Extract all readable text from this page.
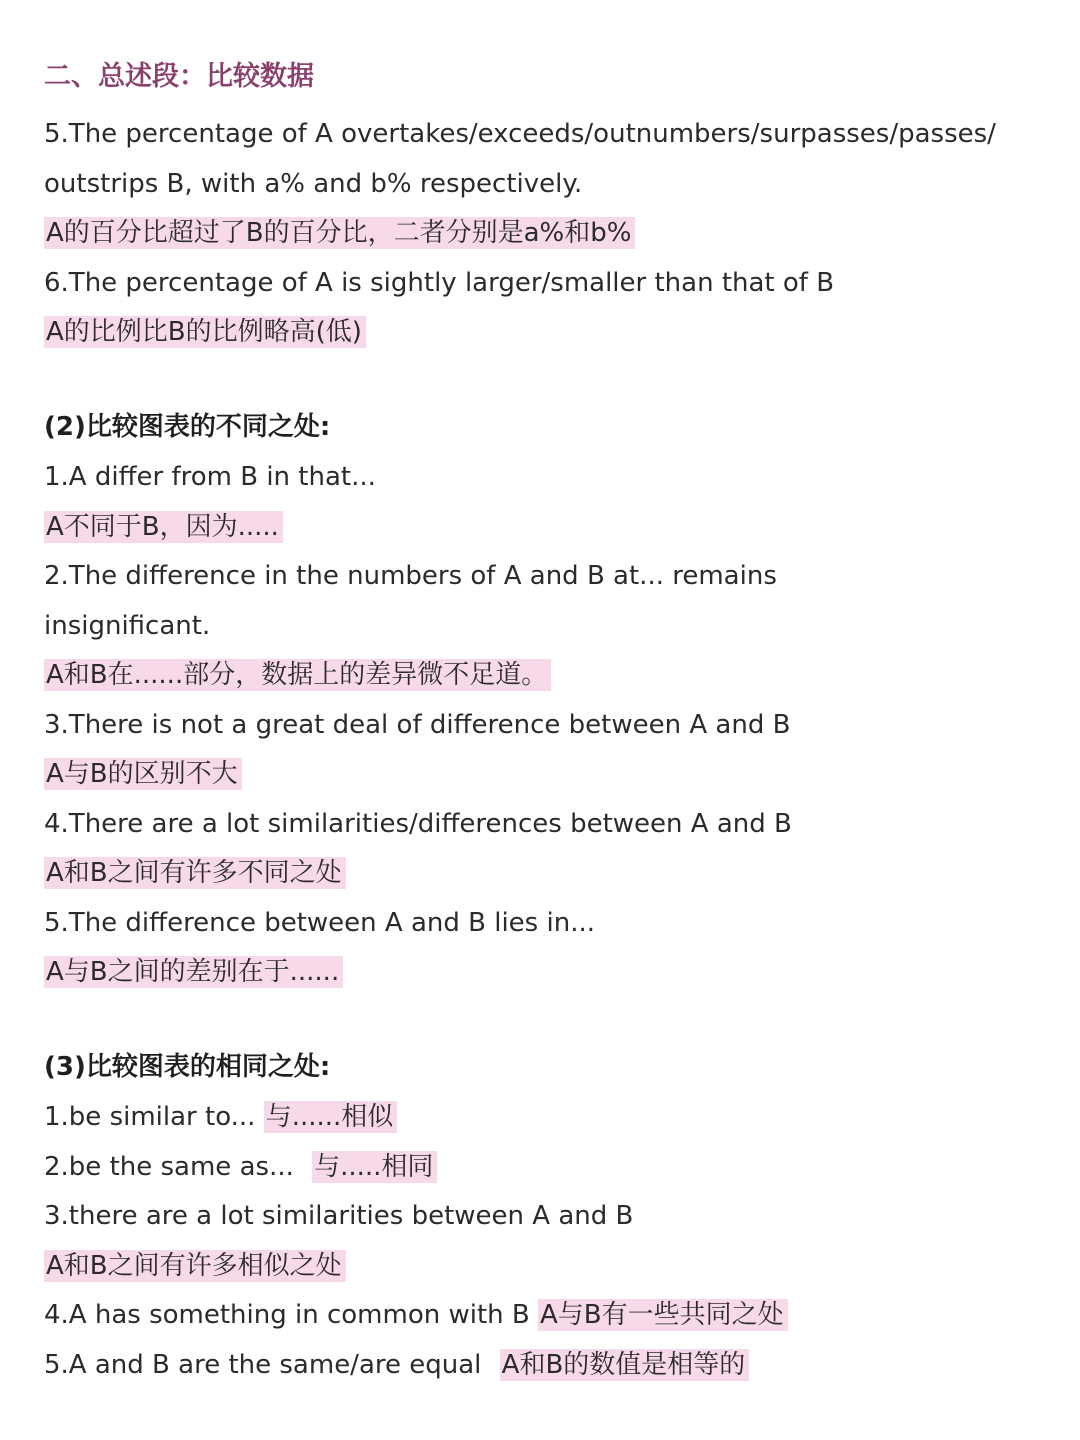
二、总述段：比较数据
5.The percentage of A overtakes/exceeds/outnumbers/surpasses/passes/
outstrips B, with a% and b% respectively.
A的百分比超过了B的百分比，二者分别是a%和b%
6.The percentage of A is sightly larger/smaller than that of B
A的比例比B的比例略高(低)
(2)比较图表的不同之处:
1.A differ from B in that...
A不同于B，因为.....
2.The difference in the numbers of A and B at... remains
insignificant.
A和B在......部分，数据上的差异微不足道。
3.There is not a great deal of difference between A and B
A与B的区别不大
4.There are a lot similarities/differences between A and B
A和B之间有许多不同之处
5.The difference between A and B lies in...
A与B之间的差别在于......
(3)比较图表的相同之处:
1.be similar to... 与......相似
2.be the same as... 与.....相同
3.there are a lot similarities between A and B
A和B之间有许多相似之处
4.A has something in common with B A与B有一些共同之处
5.A and B are the same/are equal A和B的数值是相等的
